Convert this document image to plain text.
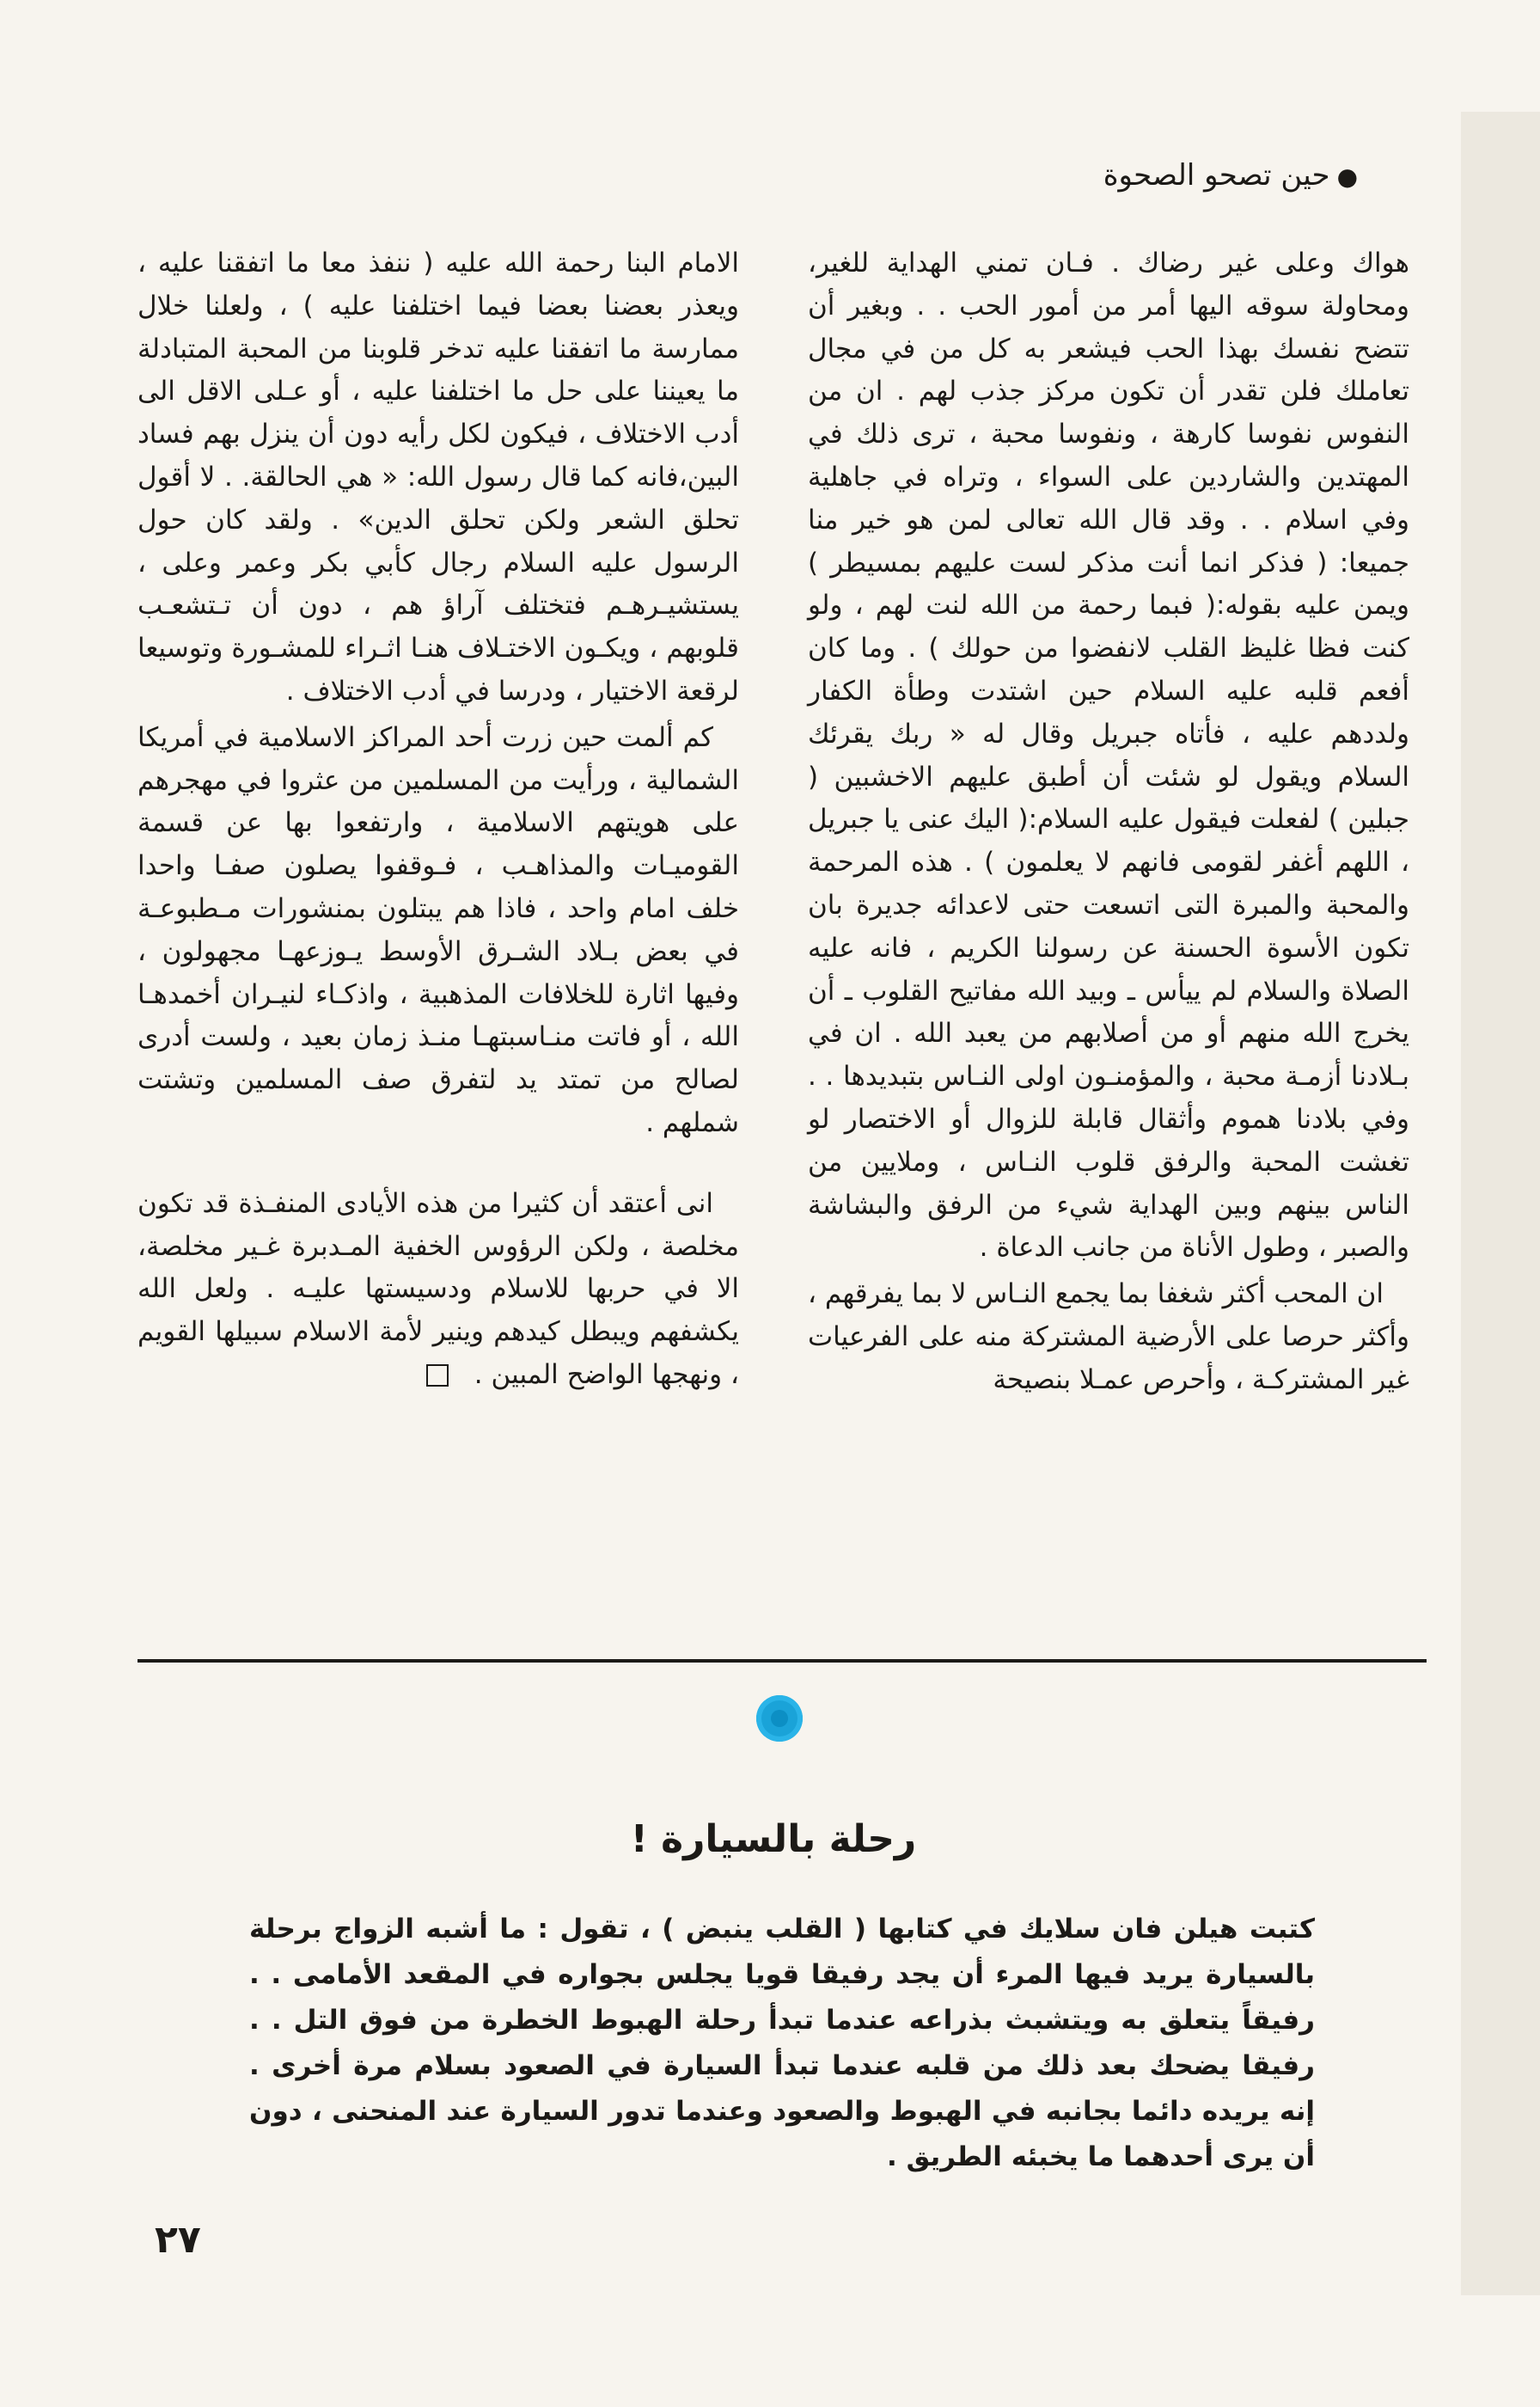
●حين تصحو الصحوة

هواك وعلى غير رضاك . فـان تمني الهداية للغير، ومحاولة سوقه اليها أمر من أمور الحب . . وبغير أن تتضح نفسك بهذا الحب فيشعر به كل من في مجال تعاملك فلن تقدر أن تكون مركز جذب لهم . ان من النفوس نفوسا كارهة ، ونفوسا محبة ، ترى ذلك في المهتدين والشاردين على السواء ، وتراه في جاهلية وفي اسلام . . وقد قال الله تعالى لمن هو خير منا جميعا: ( فذكر انما أنت مذكر لست عليهم بمسيطر ) ويمن عليه بقوله:( فبما رحمة من الله لنت لهم ، ولو كنت فظا غليظ القلب لانفضوا من حولك ) . وما كان أفعم قلبه عليه السلام حين اشتدت وطأة الكفار ولددهم عليه ، فأتاه جبريل وقال له « ربك يقرئك السلام ويقول لو شئت أن أطبق عليهم الاخشبين ( جبلين ) لفعلت فيقول عليه السلام:( اليك عنى يا جبريل ، اللهم أغفر لقومى فانهم لا يعلمون ) . هذه المرحمة والمحبة والمبرة التى اتسعت حتى لاعدائه جديرة بان تكون الأسوة الحسنة عن رسولنا الكريم ، فانه عليه الصلاة والسلام لم ييأس ـ وبيد الله مفاتيح القلوب ـ أن يخرج الله منهم أو من أصلابهم من يعبد الله . ان في بـلادنا أزمـة محبة ، والمؤمنـون اولى النـاس بتبديدها . . وفي بلادنا هموم وأثقال قابلة للزوال أو الاختصار لو تغشت المحبة والرفق قلوب النـاس ، وملايين من الناس بينهم وبين الهداية شيء من الرفق والبشاشة والصبر ، وطول الأناة من جانب الدعاة .

ان المحب أكثر شغفا بما يجمع النـاس لا بما يفرقهم ، وأكثر حرصا على الأرضية المشتركة منه على الفرعيات غير المشتركـة ، وأحرص عمـلا بنصيحة

الامام البنا رحمة الله عليه ( ننفذ معا ما اتفقنا عليه ، ويعذر بعضنا بعضا فيما اختلفنا عليه ) ، ولعلنا خلال ممارسة ما اتفقنا عليه تدخر قلوبنا من المحبة المتبادلة ما يعيننا على حل ما اختلفنا عليه ، أو عـلى الاقل الى أدب الاختلاف ، فيكون لكل رأيه دون أن ينزل بهم فساد البين،فانه كما قال رسول الله: « هي الحالقة. . لا أقول تحلق الشعر ولكن تحلق الدين» . ولقد كان حول الرسول عليه السلام رجال كأبي بكر وعمر وعلى ، يستشيـرهـم فتختلف آراؤ هم ، دون أن تـتشعـب قلوبهم ، ويكـون الاختـلاف هنـا اثـراء للمشـورة وتوسيعا لرقعة الاختيار ، ودرسا في أدب الاختلاف .

كم ألمت حين زرت أحد المراكز الاسلامية في أمريكا الشمالية ، ورأيت من المسلمين من عثروا في مهجرهم على هويتهم الاسلامية ، وارتفعوا بها عن قسمة القوميـات والمذاهـب ، فـوقفوا يصلون صفـا واحدا خلف امام واحد ، فاذا هم يبتلون بمنشورات مـطبوعـة في بعض بـلاد الشـرق الأوسط يـوزعهـا مجهولون ، وفيها اثارة للخلافات المذهبية ، واذكـاء لنيـران أخمدهـا الله ، أو فاتت منـاسبتهـا منـذ زمان بعيد ، ولست أدرى لصالح من تمتد يد لتفرق صف المسلمين وتشتت شملهم .

انى أعتقد أن كثيرا من هذه الأيادى المنفـذة قد تكون مخلصة ، ولكن الرؤوس الخفية المـدبرة غـير مخلصة، الا في حربها للاسلام ودسيستها عليـه . ولعل الله يكشفهم ويبطل كيدهم وينير لأمة الاسلام سبيلها القويم ، ونهجها الواضح المبين .

رحلة بالسيارة !

كتبت هيلن فان سلايك في كتابها ( القلب ينبض ) ، تقول : ما أشبه الزواج برحلة بالسيارة يريد فيها المرء أن يجد رفيقا قويا يجلس بجواره في المقعد الأمامى . . رفيقاً يتعلق به ويتشبث بذراعه عندما تبدأ رحلة الهبوط الخطرة من فوق التل . . رفيقا يضحك بعد ذلك من قلبه عندما تبدأ السيارة في الصعود بسلام مرة أخرى . إنه يريده دائما بجانبه في الهبوط والصعود وعندما تدور السيارة عند المنحنى ، دون أن يرى أحدهما ما يخبئه الطريق .

٢٧
